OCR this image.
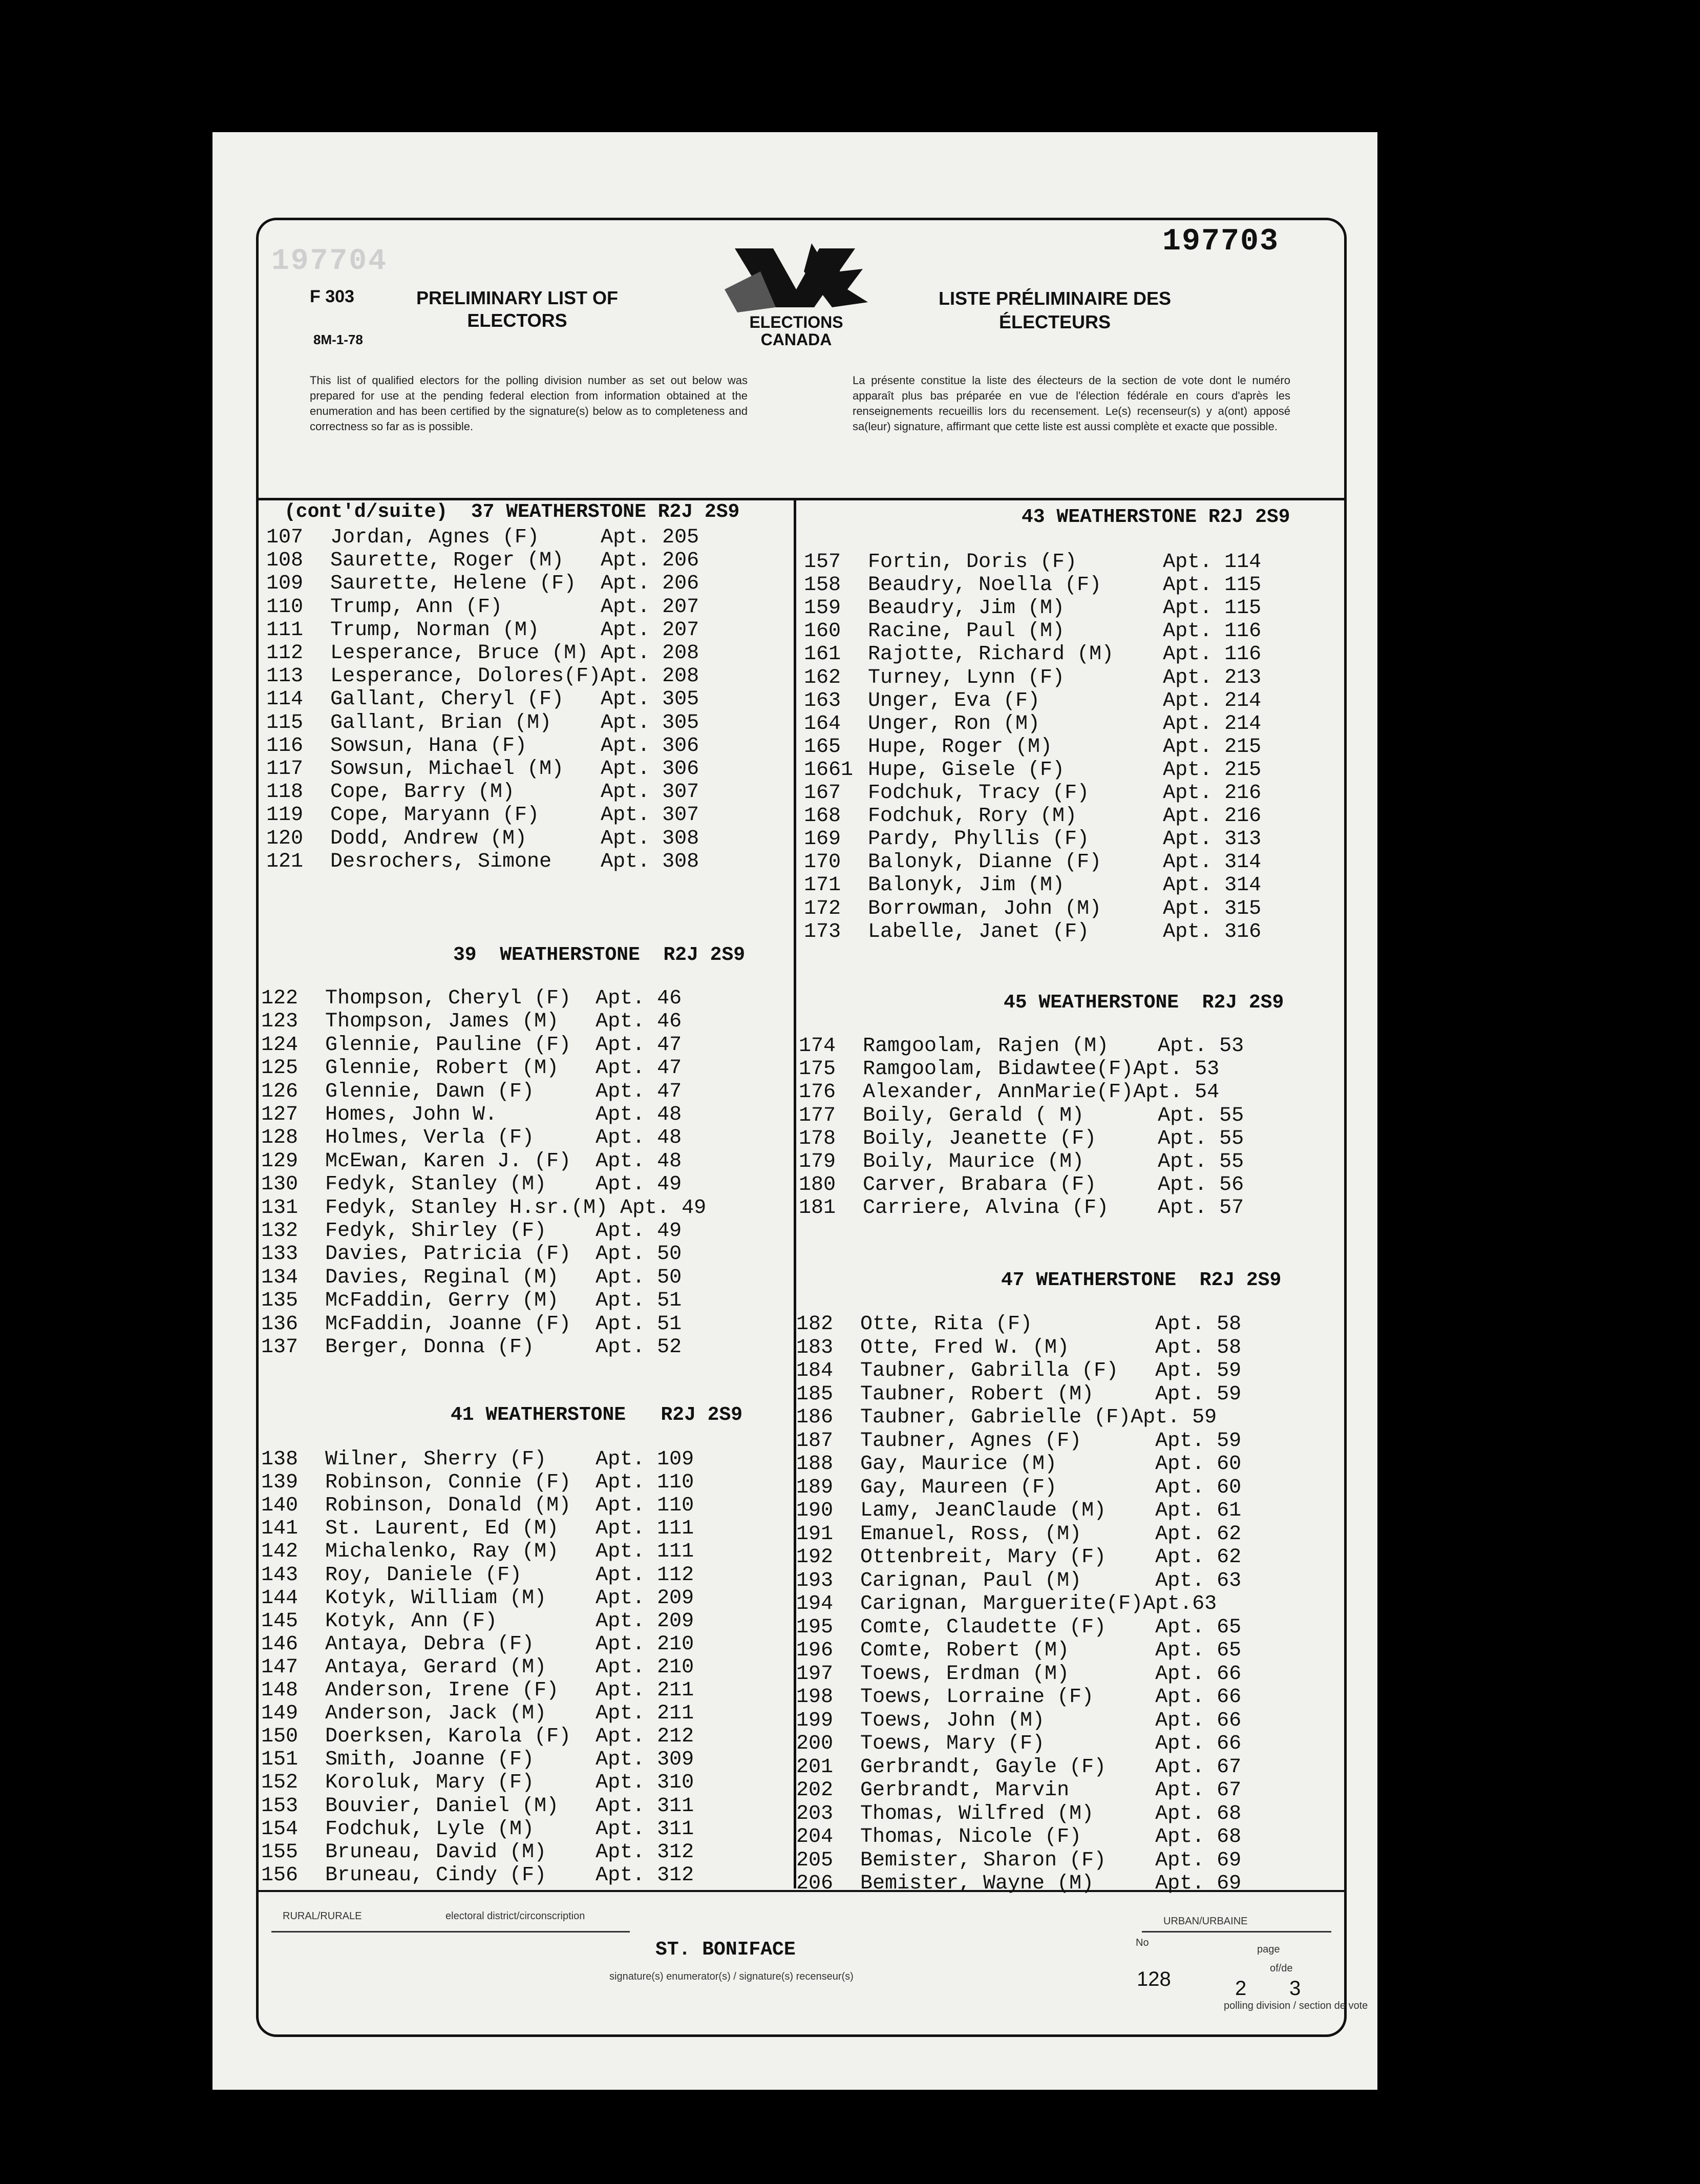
197704
197703
F 303
8M-1-78
PRELIMINARY LIST OF ELECTORS	ELECTIONS CANADA
LISTE PRÉLIMINAIRE DES ÉLECTEURS
This list of qualified electors for the polling division number as set out below was prepared for use at the pending federal election from information obtained at the enumeration and has been certified by the signature(s) below as to completeness and correctness so far as is possible.
La présente constitue la liste des électeurs de la section de vote dont le numéro apparaît plus bas préparée en vue de l'élection fédérale en cours d'après les renseignements recueillis lors du recensement. Le(s) recenseur(s) y a(ont) apposé sa(leur) signature, affirmant que cette liste est aussi complète et exacte que possible.
(cont'd/suite)  37 WEATHERSTONE R2J 2S9
39  WEATHERSTONE  R2J 2S9
41 WEATHERSTONE   R2J 2S9
43 WEATHERSTONE R2J 2S9
45 WEATHERSTONE  R2J 2S9
47 WEATHERSTONE  R2J 2S9
107 Jordan, Agnes (F)     Apt. 205
108 Saurette, Roger (M)   Apt. 206
109 Saurette, Helene (F)  Apt. 206
110 Trump, Ann (F)        Apt. 207
111 Trump, Norman (M)     Apt. 207
112 Lesperance, Bruce (M) Apt. 208
113 Lesperance, Dolores(F)Apt. 208
114 Gallant, Cheryl (F)   Apt. 305
115 Gallant, Brian (M)    Apt. 305
116 Sowsun, Hana (F)      Apt. 306
117 Sowsun, Michael (M)   Apt. 306
118 Cope, Barry (M)       Apt. 307
119 Cope, Maryann (F)     Apt. 307
120 Dodd, Andrew (M)      Apt. 308
121 Desrochers, Simone    Apt. 308
122 Thompson, Cheryl (F)  Apt. 46
123 Thompson, James (M)   Apt. 46
124 Glennie, Pauline (F)  Apt. 47
125 Glennie, Robert (M)   Apt. 47
126 Glennie, Dawn (F)     Apt. 47
127 Homes, John W.        Apt. 48
128 Holmes, Verla (F)     Apt. 48
129 McEwan, Karen J. (F)  Apt. 48
130 Fedyk, Stanley (M)    Apt. 49
131 Fedyk, Stanley H.sr.(M) Apt. 49
132 Fedyk, Shirley (F)    Apt. 49
133 Davies, Patricia (F)  Apt. 50
134 Davies, Reginal (M)   Apt. 50
135 McFaddin, Gerry (M)   Apt. 51
136 McFaddin, Joanne (F)  Apt. 51
137 Berger, Donna (F)     Apt. 52
138 Wilner, Sherry (F)    Apt. 109
139 Robinson, Connie (F)  Apt. 110
140 Robinson, Donald (M)  Apt. 110
141 St. Laurent, Ed (M)   Apt. 111
142 Michalenko, Ray (M)   Apt. 111
143 Roy, Daniele (F)      Apt. 112
144 Kotyk, William (M)    Apt. 209
145 Kotyk, Ann (F)        Apt. 209
146 Antaya, Debra (F)     Apt. 210
147 Antaya, Gerard (M)    Apt. 210
148 Anderson, Irene (F)   Apt. 211
149 Anderson, Jack (M)    Apt. 211
150 Doerksen, Karola (F)  Apt. 212
151 Smith, Joanne (F)     Apt. 309
152 Koroluk, Mary (F)     Apt. 310
153 Bouvier, Daniel (M)   Apt. 311
154 Fodchuk, Lyle (M)     Apt. 311
155 Bruneau, David (M)    Apt. 312
156 Bruneau, Cindy (F)    Apt. 312
157 Fortin, Doris (F)       Apt. 114
158 Beaudry, Noella (F)     Apt. 115
159 Beaudry, Jim (M)        Apt. 115
160 Racine, Paul (M)        Apt. 116
161 Rajotte, Richard (M)    Apt. 116
162 Turney, Lynn (F)        Apt. 213
163 Unger, Eva (F)          Apt. 214
164 Unger, Ron (M)          Apt. 214
165 Hupe, Roger (M)         Apt. 215
1661 Hupe, Gisele (F)        Apt. 215
167 Fodchuk, Tracy (F)      Apt. 216
168 Fodchuk, Rory (M)       Apt. 216
169 Pardy, Phyllis (F)      Apt. 313
170 Balonyk, Dianne (F)     Apt. 314
171 Balonyk, Jim (M)        Apt. 314
172 Borrowman, John (M)     Apt. 315
173 Labelle, Janet (F)      Apt. 316
174 Ramgoolam, Rajen (M)    Apt. 53
175 Ramgoolam, Bidawtee(F)Apt. 53
176 Alexander, AnnMarie(F)Apt. 54
177 Boily, Gerald ( M)      Apt. 55
178 Boily, Jeanette (F)     Apt. 55
179 Boily, Maurice (M)      Apt. 55
180 Carver, Brabara (F)     Apt. 56
181 Carriere, Alvina (F)    Apt. 57
182 Otte, Rita (F)          Apt. 58
183 Otte, Fred W. (M)       Apt. 58
184 Taubner, Gabrilla (F)   Apt. 59
185 Taubner, Robert (M)     Apt. 59
186 Taubner, Gabrielle (F)Apt. 59
187 Taubner, Agnes (F)      Apt. 59
188 Gay, Maurice (M)        Apt. 60
189 Gay, Maureen (F)        Apt. 60
190 Lamy, JeanClaude (M)    Apt. 61
191 Emanuel, Ross, (M)      Apt. 62
192 Ottenbreit, Mary (F)    Apt. 62
193 Carignan, Paul (M)      Apt. 63
194 Carignan, Marguerite(F)Apt.63
195 Comte, Claudette (F)    Apt. 65
196 Comte, Robert (M)       Apt. 65
197 Toews, Erdman (M)       Apt. 66
198 Toews, Lorraine (F)     Apt. 66
199 Toews, John (M)         Apt. 66
200 Toews, Mary (F)         Apt. 66
201 Gerbrandt, Gayle (F)    Apt. 67
202 Gerbrandt, Marvin       Apt. 67
203 Thomas, Wilfred (M)     Apt. 68
204 Thomas, Nicole (F)      Apt. 68
205 Bemister, Sharon (F)    Apt. 69
206 Bemister, Wayne (M)     Apt. 69
RURAL/RURALE	electoral district/circonscription	URBAN/URBAINE
ST. BONIFACE
signature(s) enumerator(s) / signature(s) recenseur(s)
No
page
of/de
polling division / section de vote
128	2 3
